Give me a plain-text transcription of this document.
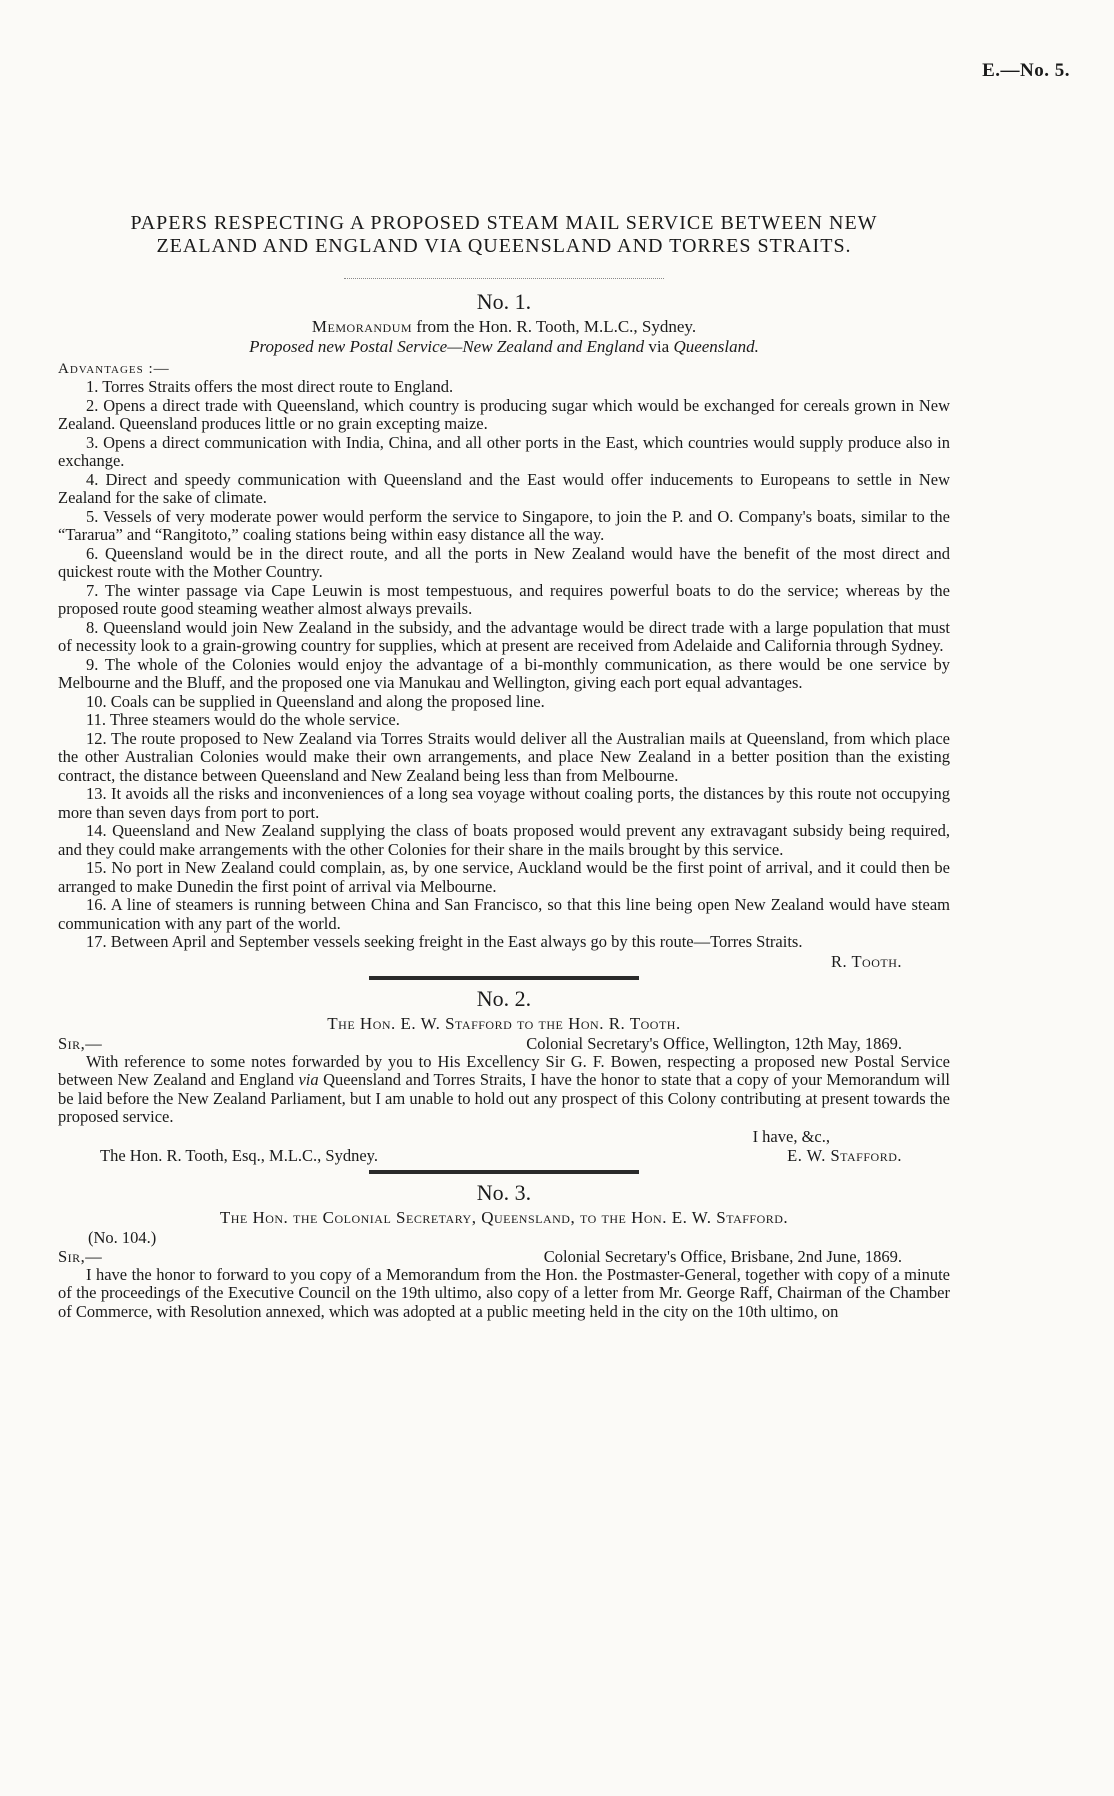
E.—No. 5.
PAPERS RESPECTING A PROPOSED STEAM MAIL SERVICE BETWEEN NEW
ZEALAND AND ENGLAND VIA QUEENSLAND AND TORRES STRAITS.
No. 1.
Memorandum from the Hon. R. Tooth, M.L.C., Sydney.
Proposed new Postal Service—New Zealand and England via Queensland.
Advantages :—

1. Torres Straits offers the most direct route to England.

2. Opens a direct trade with Queensland, which country is producing sugar which would be exchanged for cereals grown in New Zealand. Queensland produces little or no grain excepting maize.

3. Opens a direct communication with India, China, and all other ports in the East, which countries would supply produce also in exchange.

4. Direct and speedy communication with Queensland and the East would offer inducements to Europeans to settle in New Zealand for the sake of climate.

5. Vessels of very moderate power would perform the service to Singapore, to join the P. and O. Company's boats, similar to the “Tararua” and “Rangitoto,” coaling stations being within easy distance all the way.

6. Queensland would be in the direct route, and all the ports in New Zealand would have the benefit of the most direct and quickest route with the Mother Country.

7. The winter passage via Cape Leuwin is most tempestuous, and requires powerful boats to do the service; whereas by the proposed route good steaming weather almost always prevails.

8. Queensland would join New Zealand in the subsidy, and the advantage would be direct trade with a large population that must of necessity look to a grain-growing country for supplies, which at present are received from Adelaide and California through Sydney.

9. The whole of the Colonies would enjoy the advantage of a bi-monthly communication, as there would be one service by Melbourne and the Bluff, and the proposed one via Manukau and Wellington, giving each port equal advantages.

10. Coals can be supplied in Queensland and along the proposed line.

11. Three steamers would do the whole service.

12. The route proposed to New Zealand via Torres Straits would deliver all the Australian mails at Queensland, from which place the other Australian Colonies would make their own arrangements, and place New Zealand in a better position than the existing contract, the distance between Queensland and New Zealand being less than from Melbourne.

13. It avoids all the risks and inconveniences of a long sea voyage without coaling ports, the distances by this route not occupying more than seven days from port to port.

14. Queensland and New Zealand supplying the class of boats proposed would prevent any extravagant subsidy being required, and they could make arrangements with the other Colonies for their share in the mails brought by this service.

15. No port in New Zealand could complain, as, by one service, Auckland would be the first point of arrival, and it could then be arranged to make Dunedin the first point of arrival via Melbourne.

16. A line of steamers is running between China and San Francisco, so that this line being open New Zealand would have steam communication with any part of the world.

17. Between April and September vessels seeking freight in the East always go by this route—Torres Straits.

R. Tooth.
No. 2.
The Hon. E. W. Stafford to the Hon. R. Tooth.
Sir,—	Colonial Secretary's Office, Wellington, 12th May, 1869.

With reference to some notes forwarded by you to His Excellency Sir G. F. Bowen, respecting a proposed new Postal Service between New Zealand and England via Queensland and Torres Straits, I have the honor to state that a copy of your Memorandum will be laid before the New Zealand Parliament, but I am unable to hold out any prospect of this Colony contributing at present towards the proposed service.

I have, &c.,
The Hon. R. Tooth, Esq., M.L.C., Sydney.	E. W. Stafford.
No. 3.
The Hon. the Colonial Secretary, Queensland, to the Hon. E. W. Stafford.
(No. 104.)
Sir,—	Colonial Secretary's Office, Brisbane, 2nd June, 1869.

I have the honor to forward to you copy of a Memorandum from the Hon. the Postmaster-General, together with copy of a minute of the proceedings of the Executive Council on the 19th ultimo, also copy of a letter from Mr. George Raff, Chairman of the Chamber of Commerce, with Resolution annexed, which was adopted at a public meeting held in the city on the 10th ultimo, on
